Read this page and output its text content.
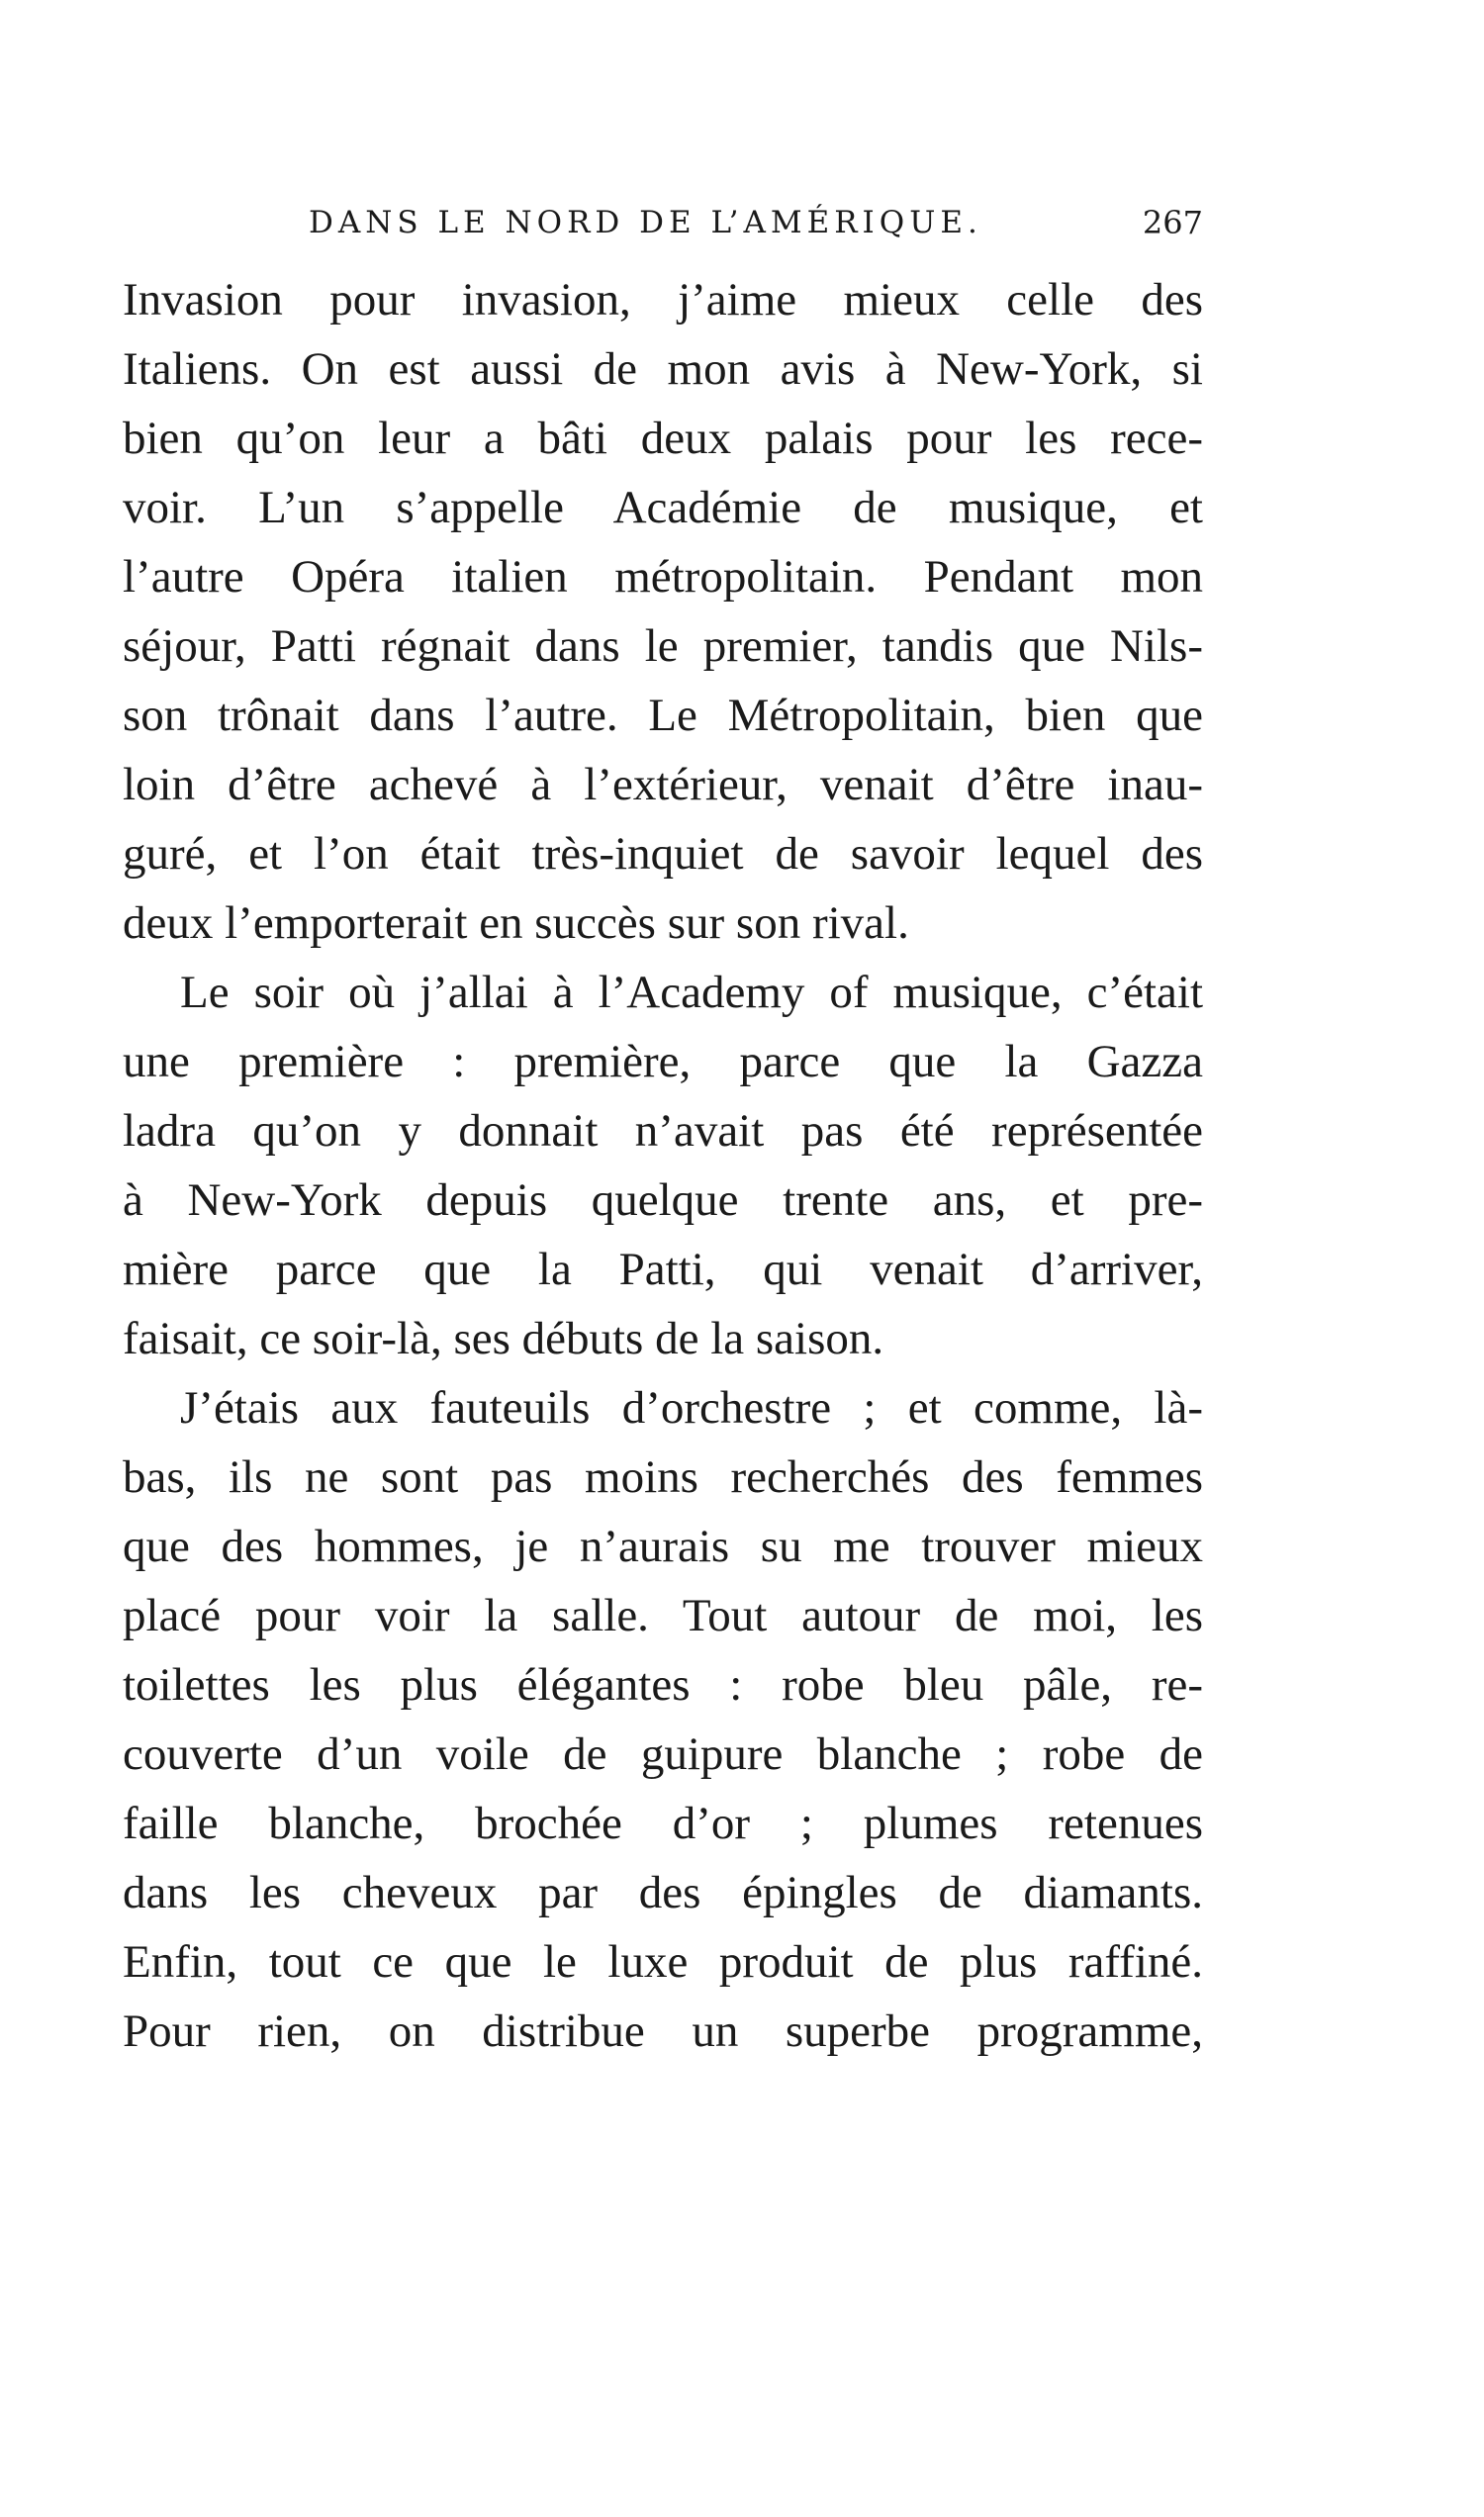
DANS LE NORD DE L’AMÉRIQUE.	267
Invasion pour invasion, j’aime mieux celle des
Italiens. On est aussi de mon avis à New-York, si
bien qu’on leur a bâti deux palais pour les rece-
voir. L’un s’appelle Académie de musique, et
l’autre Opéra italien métropolitain. Pendant mon
séjour, Patti régnait dans le premier, tandis que Nils-
son trônait dans l’autre. Le Métropolitain, bien que
loin d’être achevé à l’extérieur, venait d’être inau-
guré, et l’on était très-inquiet de savoir lequel des
deux l’emporterait en succès sur son rival.
Le soir où j’allai à l’Academy of musique, c’était
une première : première, parce que la Gazza
ladra qu’on y donnait n’avait pas été représentée
à New-York depuis quelque trente ans, et pre-
mière parce que la Patti, qui venait d’arriver,
faisait, ce soir-là, ses débuts de la saison.
J’étais aux fauteuils d’orchestre ; et comme, là-
bas, ils ne sont pas moins recherchés des femmes
que des hommes, je n’aurais su me trouver mieux
placé pour voir la salle. Tout autour de moi, les
toilettes les plus élégantes : robe bleu pâle, re-
couverte d’un voile de guipure blanche ; robe de
faille blanche, brochée d’or ; plumes retenues
dans les cheveux par des épingles de diamants.
Enfin, tout ce que le luxe produit de plus raffiné.
Pour rien, on distribue un superbe programme,
